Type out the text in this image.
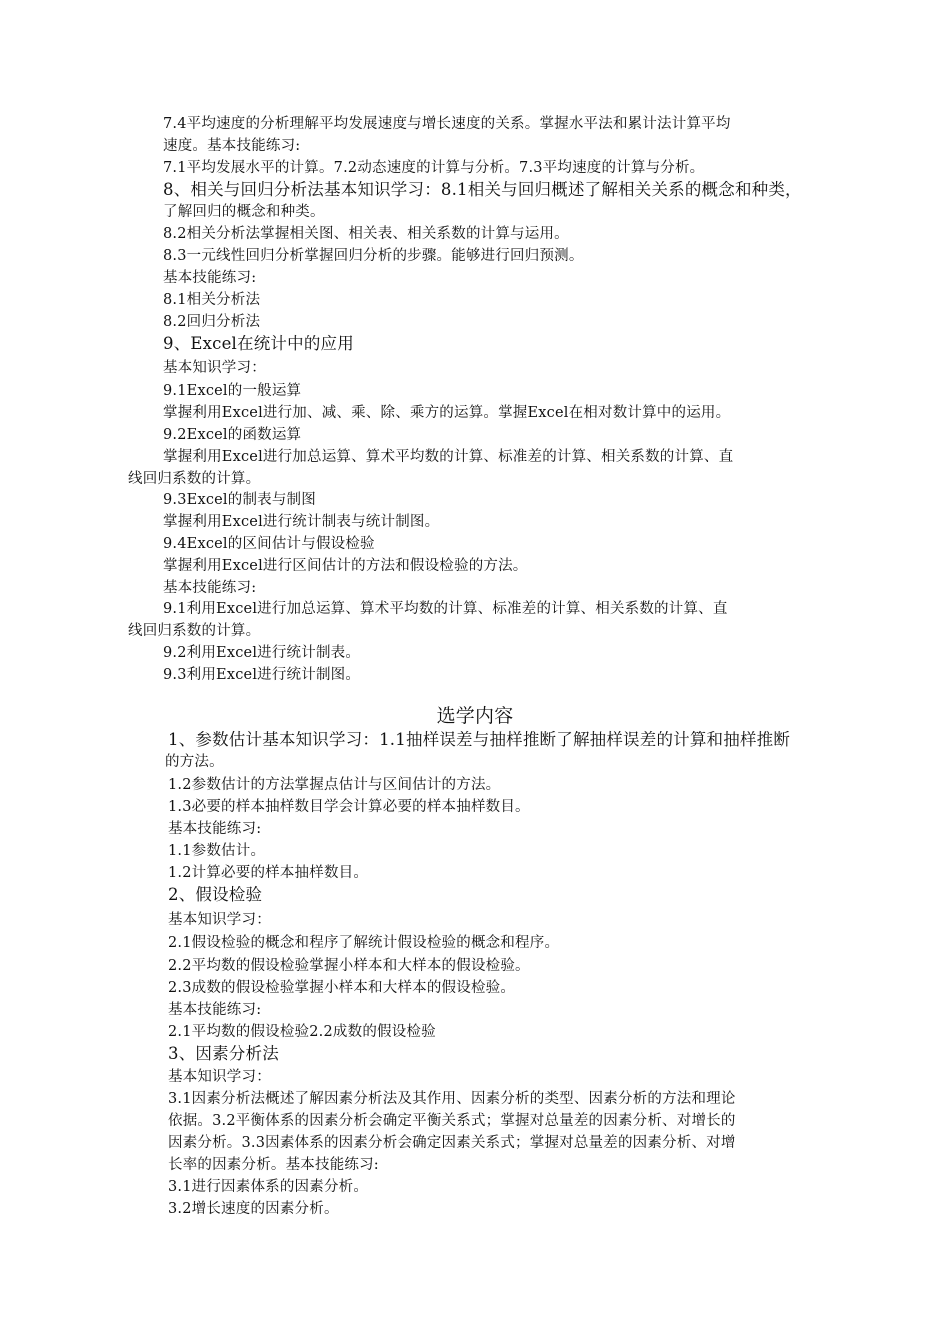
7.4平均速度的分析理解平均发展速度与增长速度的关系。掌握水平法和累计法计算平均
速度。基本技能练习:
7.1平均发展水平的计算。7.2动态速度的计算与分析。7.3平均速度的计算与分析。
8、相关与回归分析法基本知识学习：8.1相关与回归概述了解相关关系的概念和种类，
了解回归的概念和种类。
8.2相关分析法掌握相关图、相关表、相关系数的计算与运用。
8.3一元线性回归分析掌握回归分析的步骤。能够进行回归预测。
基本技能练习:
8.1相关分析法
8.2回归分析法
9、Excel在统计中的应用
基本知识学习：
9.1Excel的一般运算
掌握利用Excel进行加、减、乘、除、乘方的运算。掌握Excel在相对数计算中的运用。
9.2Excel的函数运算
掌握利用Excel进行加总运算、算术平均数的计算、标准差的计算、相关系数的计算、直
线回归系数的计算。
9.3Excel的制表与制图
掌握利用Excel进行统计制表与统计制图。
9.4Excel的区间估计与假设检验
掌握利用Excel进行区间估计的方法和假设检验的方法。
基本技能练习:
9.1利用Excel进行加总运算、算术平均数的计算、标准差的计算、相关系数的计算、直
线回归系数的计算。
9.2利用Excel进行统计制表。
9.3利用Excel进行统计制图。
选学内容
1、参数估计基本知识学习：1.1抽样误差与抽样推断了解抽样误差的计算和抽样推断
的方法。
1.2参数估计的方法掌握点估计与区间估计的方法。
1.3必要的样本抽样数目学会计算必要的样本抽样数目。
基本技能练习:
1.1参数估计。
1.2计算必要的样本抽样数目。
2、假设检验
基本知识学习：
2.1假设检验的概念和程序了解统计假设检验的概念和程序。
2.2平均数的假设检验掌握小样本和大样本的假设检验。
2.3成数的假设检验掌握小样本和大样本的假设检验。
基本技能练习:
2.1平均数的假设检验2.2成数的假设检验
3、因素分析法
基本知识学习：
3.1因素分析法概述了解因素分析法及其作用、因素分析的类型、因素分析的方法和理论
依据。3.2平衡体系的因素分析会确定平衡关系式；掌握对总量差的因素分析、对增长的
因素分析。3.3因素体系的因素分析会确定因素关系式；掌握对总量差的因素分析、对增
长率的因素分析。基本技能练习:
3.1进行因素体系的因素分析。
3.2增长速度的因素分析。
